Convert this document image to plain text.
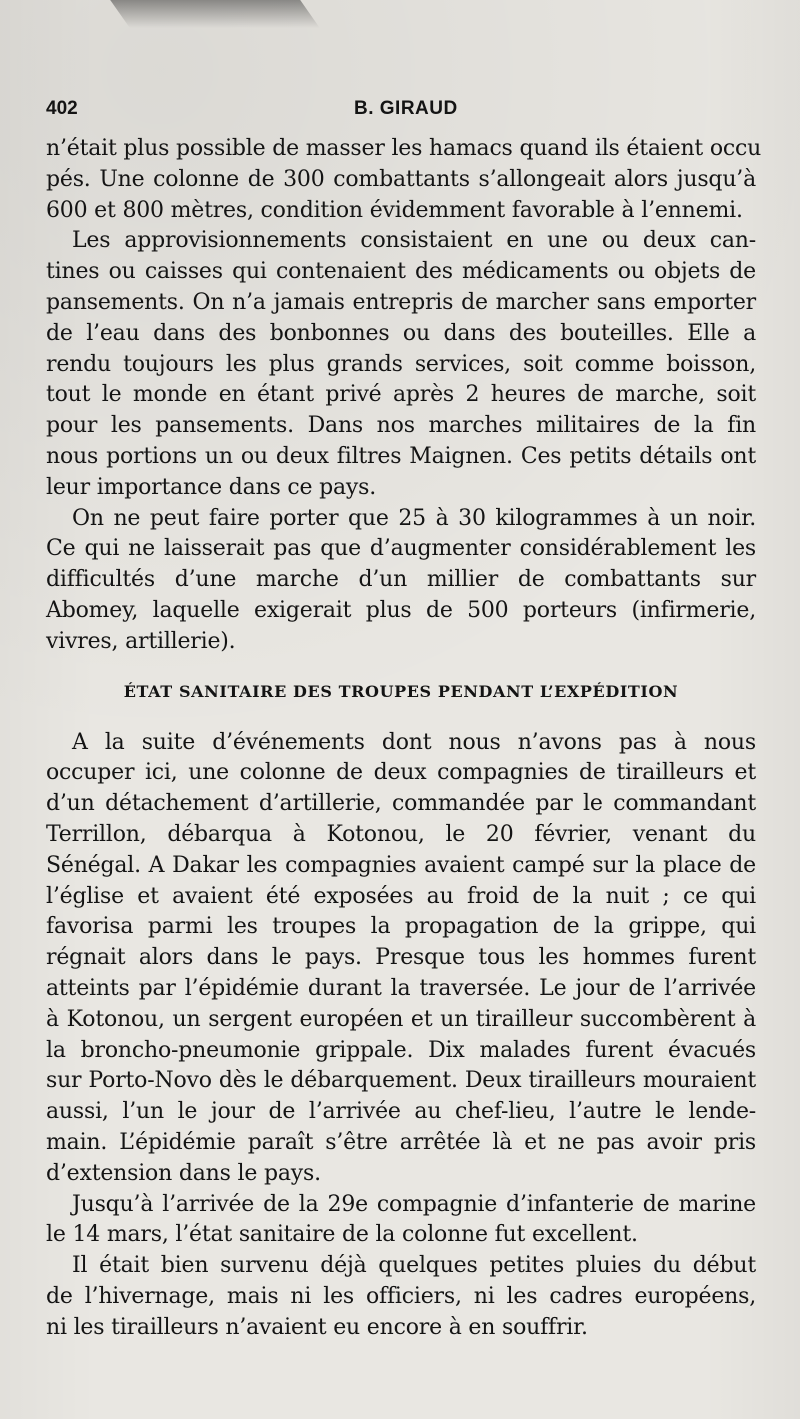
402	B. GIRAUD
n’était plus possible de masser les hamacs quand ils étaient occu
pés. Une colonne de 300 combattants s’allongeait alors jusqu’à
600 et 800 mètres, condition évidemment favorable à l’ennemi.
Les approvisionnements consistaient en une ou deux can-
tines ou caisses qui contenaient des médicaments ou objets de
pansements. On n’a jamais entrepris de marcher sans emporter
de l’eau dans des bonbonnes ou dans des bouteilles. Elle a
rendu toujours les plus grands services, soit comme boisson,
tout le monde en étant privé après 2 heures de marche, soit
pour les pansements. Dans nos marches militaires de la fin
nous portions un ou deux filtres Maignen. Ces petits détails ont
leur importance dans ce pays.
On ne peut faire porter que 25 à 30 kilogrammes à un noir.
Ce qui ne laisserait pas que d’augmenter considérablement les
difficultés d’une marche d’un millier de combattants sur
Abomey, laquelle exigerait plus de 500 porteurs (infirmerie,
vivres, artillerie).
ÉTAT SANITAIRE DES TROUPES PENDANT L’EXPÉDITION
A la suite d’événements dont nous n’avons pas à nous
occuper ici, une colonne de deux compagnies de tirailleurs et
d’un détachement d’artillerie, commandée par le commandant
Terrillon, débarqua à Kotonou, le 20 février, venant du
Sénégal. A Dakar les compagnies avaient campé sur la place de
l’église et avaient été exposées au froid de la nuit ; ce qui
favorisa parmi les troupes la propagation de la grippe, qui
régnait alors dans le pays. Presque tous les hommes furent
atteints par l’épidémie durant la traversée. Le jour de l’arrivée
à Kotonou, un sergent européen et un tirailleur succombèrent à
la broncho-pneumonie grippale. Dix malades furent évacués
sur Porto-Novo dès le débarquement. Deux tirailleurs mouraient
aussi, l’un le jour de l’arrivée au chef-lieu, l’autre le lende-
main. L’épidémie paraît s’être arrêtée là et ne pas avoir pris
d’extension dans le pays.
Jusqu’à l’arrivée de la 29e compagnie d’infanterie de marine
le 14 mars, l’état sanitaire de la colonne fut excellent.
Il était bien survenu déjà quelques petites pluies du début
de l’hivernage, mais ni les officiers, ni les cadres européens,
ni les tirailleurs n’avaient eu encore à en souffrir.
